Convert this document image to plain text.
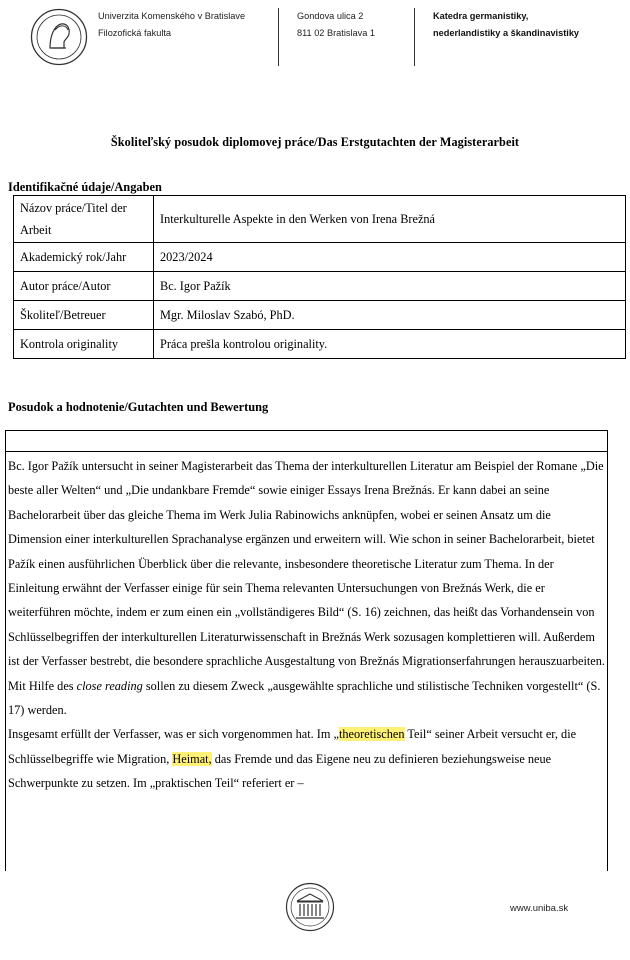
Univerzita Komenského v Bratislave
Filozofická fakulta
Gondova ulica 2
811 02 Bratislava 1
Katedra germanistiky,
nederlandistiky a škandinavistiky
Školiteľský posudok diplomovej práce/Das Erstgutachten der Magisterarbeit
Identifikačné údaje/Angaben
Názov práce/Titel der Arbeit	Interkulturelle Aspekte in den Werken von Irena Brežná
Akademický rok/Jahr	2023/2024
Autor práce/Autor	Bc. Igor Pažík
Školiteľ/Betreuer	Mgr. Miloslav Szabó, PhD.
Kontrola originality	Práca prešla kontrolou originality.
Posudok a hodnotenie/Gutachten und Bewertung

Bc. Igor Pažík untersucht in seiner Magisterarbeit das Thema der interkulturellen Literatur am Beispiel der Romane „Die beste aller Welten“ und „Die undankbare Fremde“ sowie einiger Essays Irena Brežnás. Er kann dabei an seine Bachelorarbeit über das gleiche Thema im Werk Julia Rabinowichs anknüpfen, wobei er seinen Ansatz um die Dimension einer interkulturellen Sprachanalyse ergänzen und erweitern will. Wie schon in seiner Bachelorarbeit, bietet Pažík einen ausführlichen Überblick über die relevante, insbesondere theoretische Literatur zum Thema. In der Einleitung erwähnt der Verfasser einige für sein Thema relevanten Untersuchungen von Brežnás Werk, die er weiterführen möchte, indem er zum einen ein „vollständigeres Bild“ (S. 16) zeichnen, das heißt das Vorhandensein von Schlüsselbegriffen der interkulturellen Literaturwissenschaft in Brežnás Werk sozusagen komplettieren will. Außerdem ist der Verfasser bestrebt, die besondere sprachliche Ausgestaltung von Brežnás Migrationserfahrungen herauszuarbeiten. Mit Hilfe des close reading sollen zu diesem Zweck „ausgewählte sprachliche und stilistische Techniken vorgestellt“ (S. 17) werden.

Insgesamt erfüllt der Verfasser, was er sich vorgenommen hat. Im „theoretischen Teil“ seiner Arbeit versucht er, die Schlüsselbegriffe wie Migration, Heimat, das Fremde und das Eigene neu zu definieren beziehungsweise neue Schwerpunkte zu setzen. Im „praktischen Teil“ referiert er –

www.uniba.sk
